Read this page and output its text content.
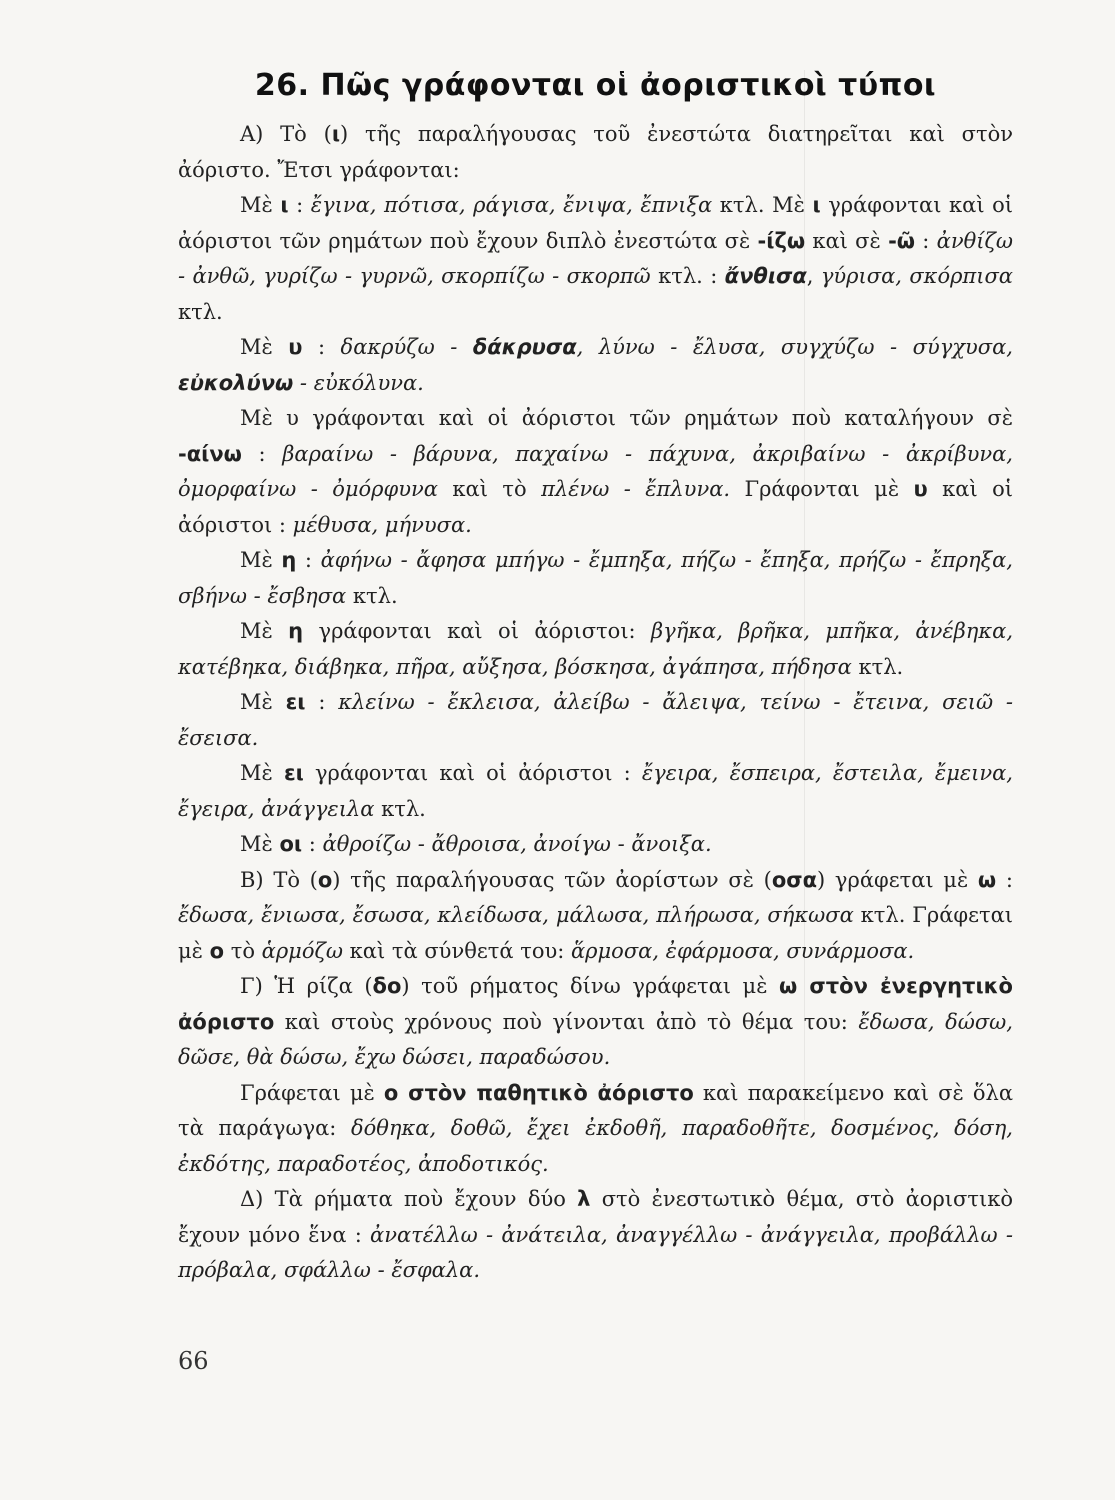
26. Πῶς γράφονται οἱ ἀοριστικοὶ τύποι

Α) Τὸ (ι) τῆς παραλήγουσας τοῦ ἐνεστώτα διατηρεῖται καὶ στὸν ἀόριστο. Ἔτσι γράφονται:

Μὲ ι : ἔγινα, πότισα, ράγισα, ἔνιψα, ἔπνιξα κτλ. Μὲ ι γράφονται καὶ οἱ ἀόριστοι τῶν ρημάτων ποὺ ἔχουν διπλὸ ἐνεστώτα σὲ -ίζω καὶ σὲ -ῶ : ἀνθίζω - ἀνθῶ, γυρίζω - γυρνῶ, σκορπίζω - σκορπῶ κτλ. : ἄνθισα, γύρισα, σκόρπισα κτλ.

Μὲ υ : δακρύζω - δάκρυσα, λύνω - ἔλυσα, συγχύζω - σύγχυσα, εὐκολύνω - εὐκόλυνα.

Μὲ υ γράφονται καὶ οἱ ἀόριστοι τῶν ρημάτων ποὺ καταλήγουν σὲ -αίνω : βαραίνω - βάρυνα, παχαίνω - πάχυνα, ἀκριβαίνω - ἀκρίβυνα, ὀμορφαίνω - ὀμόρφυνα καὶ τὸ πλένω - ἔπλυνα. Γράφονται μὲ υ καὶ οἱ ἀόριστοι : μέθυσα, μήνυσα.

Μὲ η : ἀφήνω - ἄφησα μπήγω - ἔμπηξα, πήζω - ἔπηξα, πρήζω - ἔπρηξα, σβήνω - ἔσβησα κτλ.

Μὲ η γράφονται καὶ οἱ ἀόριστοι: βγῆκα, βρῆκα, μπῆκα, ἀνέβηκα, κατέβηκα, διάβηκα, πῆρα, αὔξησα, βόσκησα, ἀγάπησα, πήδησα κτλ.

Μὲ ει : κλείνω - ἔκλεισα, ἀλείβω - ἄλειψα, τείνω - ἔτεινα, σειῶ - ἔσεισα.

Μὲ ει γράφονται καὶ οἱ ἀόριστοι : ἔγειρα, ἔσπειρα, ἔστειλα, ἔμεινα, ἔγειρα, ἀνάγγειλα κτλ.

Μὲ οι : ἀθροίζω - ἄθροισα, ἀνοίγω - ἄνοιξα.

Β) Τὸ (ο) τῆς παραλήγουσας τῶν ἀορίστων σὲ (οσα) γράφεται μὲ ω : ἔδωσα, ἔνιωσα, ἔσωσα, κλείδωσα, μάλωσα, πλήρωσα, σήκωσα κτλ. Γράφεται μὲ ο τὸ ἁρμόζω καὶ τὰ σύνθετά του: ἅρμοσα, ἐφάρμοσα, συνάρμοσα.

Γ) Ἡ ρίζα (δο) τοῦ ρήματος δίνω γράφεται μὲ ω στὸν ἐνεργητικὸ ἀόριστο καὶ στοὺς χρόνους ποὺ γίνονται ἀπὸ τὸ θέμα του: ἔδωσα, δώσω, δῶσε, θὰ δώσω, ἔχω δώσει, παραδώσου.

Γράφεται μὲ ο στὸν παθητικὸ ἀόριστο καὶ παρακείμενο καὶ σὲ ὅλα τὰ παράγωγα: δόθηκα, δοθῶ, ἔχει ἐκδοθῆ, παραδοθῆτε, δοσμένος, δόση, ἐκδότης, παραδοτέος, ἀποδοτικός.

Δ) Τὰ ρήματα ποὺ ἔχουν δύο λ στὸ ἐνεστωτικὸ θέμα, στὸ ἀοριστικὸ ἔχουν μόνο ἕνα : ἀνατέλλω - ἀνάτειλα, ἀναγγέλλω - ἀνάγγειλα, προβάλλω - πρόβαλα, σφάλλω - ἔσφαλα.

66
